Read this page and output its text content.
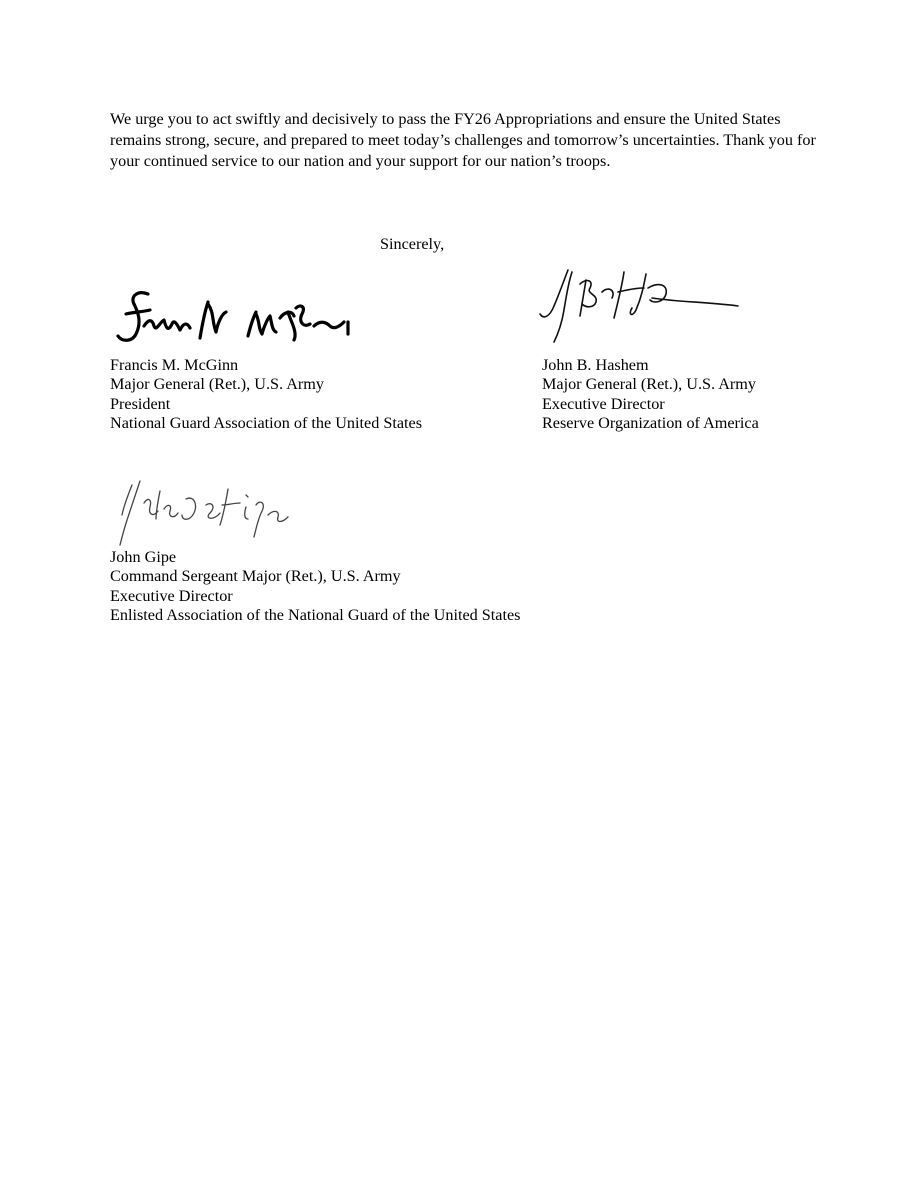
We urge you to act swiftly and decisively to pass the FY26 Appropriations and ensure the United States remains strong, secure, and prepared to meet today’s challenges and tomorrow’s uncertainties. Thank you for your continued service to our nation and your support for our nation’s troops.

Sincerely,

Francis M. McGinn
Major General (Ret.), U.S. Army
President
National Guard Association of the United States
John B. Hashem
Major General (Ret.), U.S. Army
Executive Director
Reserve Organization of America
John Gipe
Command Sergeant Major (Ret.), U.S. Army
Executive Director
Enlisted Association of the National Guard of the United States
